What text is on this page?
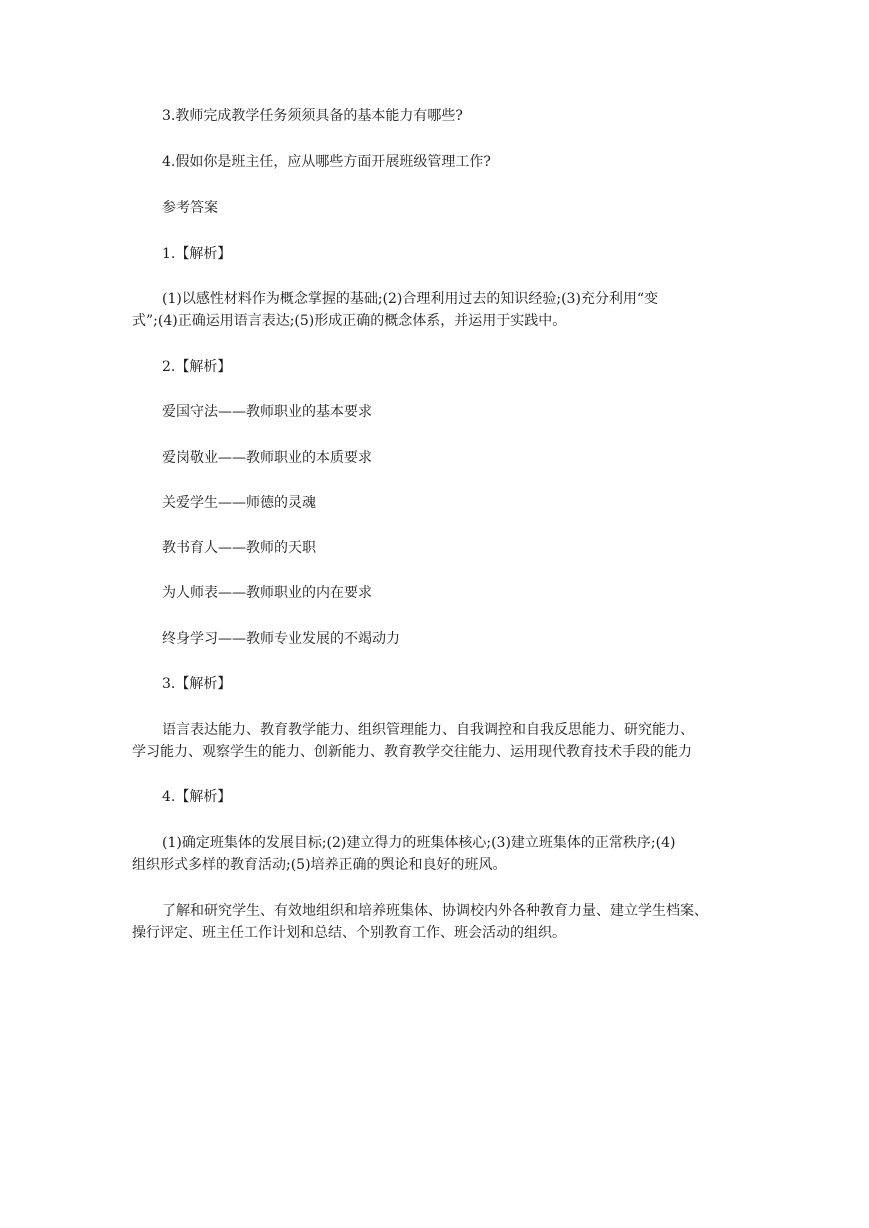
3.教师完成教学任务须须具备的基本能力有哪些?

4.假如你是班主任，应从哪些方面开展班级管理工作?

参考答案

1.【解析】

(1)以感性材料作为概念掌握的基础;(2)合理利用过去的知识经验;(3)充分利用“变

式”;(4)正确运用语言表达;(5)形成正确的概念体系，并运用于实践中。

2.【解析】

爱国守法——教师职业的基本要求

爱岗敬业——教师职业的本质要求

关爱学生——师德的灵魂

教书育人——教师的天职

为人师表——教师职业的内在要求

终身学习——教师专业发展的不竭动力

3.【解析】

语言表达能力、教育教学能力、组织管理能力、自我调控和自我反思能力、研究能力、

学习能力、观察学生的能力、创新能力、教育教学交往能力、运用现代教育技术手段的能力

4.【解析】

(1)确定班集体的发展目标;(2)建立得力的班集体核心;(3)建立班集体的正常秩序;(4)

组织形式多样的教育活动;(5)培养正确的舆论和良好的班风。

了解和研究学生、有效地组织和培养班集体、协调校内外各种教育力量、建立学生档案、

操行评定、班主任工作计划和总结、个别教育工作、班会活动的组织。
